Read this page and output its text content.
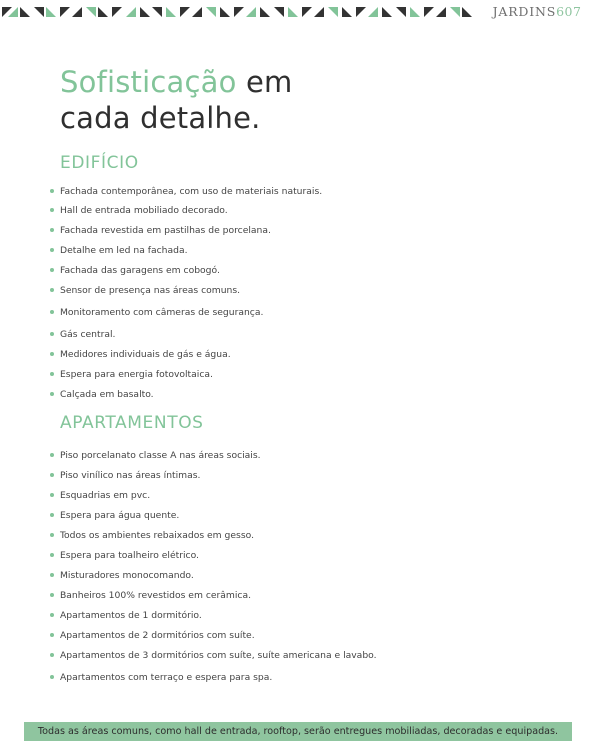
JARDINS 607
Sofisticação em
cada detalhe.
EDIFÍCIO
Fachada contemporânea, com uso de materiais naturais.
Hall de entrada mobiliado decorado.
Fachada revestida em pastilhas de porcelana.
Detalhe em led na fachada.
Fachada das garagens em cobogó.
Sensor de presença nas áreas comuns.
Monitoramento com câmeras de segurança.
Gás central.
Medidores individuais de gás e água.
Espera para energia fotovoltaica.
Calçada em basalto.
APARTAMENTOS
Piso porcelanato classe A nas áreas sociais.
Piso vinílico nas áreas íntimas.
Esquadrias em pvc.
Espera para água quente.
Todos os ambientes rebaixados em gesso.
Espera para toalheiro elétrico.
Misturadores monocomando.
Banheiros 100% revestidos em cerâmica.
Apartamentos de 1 dormitório.
Apartamentos de 2 dormitórios com suíte.
Apartamentos de 3 dormitórios com suíte, suíte americana e lavabo.
Apartamentos com terraço e espera para spa.
Todas as áreas comuns, como hall de entrada, rooftop, serão entregues mobiliadas, decoradas e equipadas.
